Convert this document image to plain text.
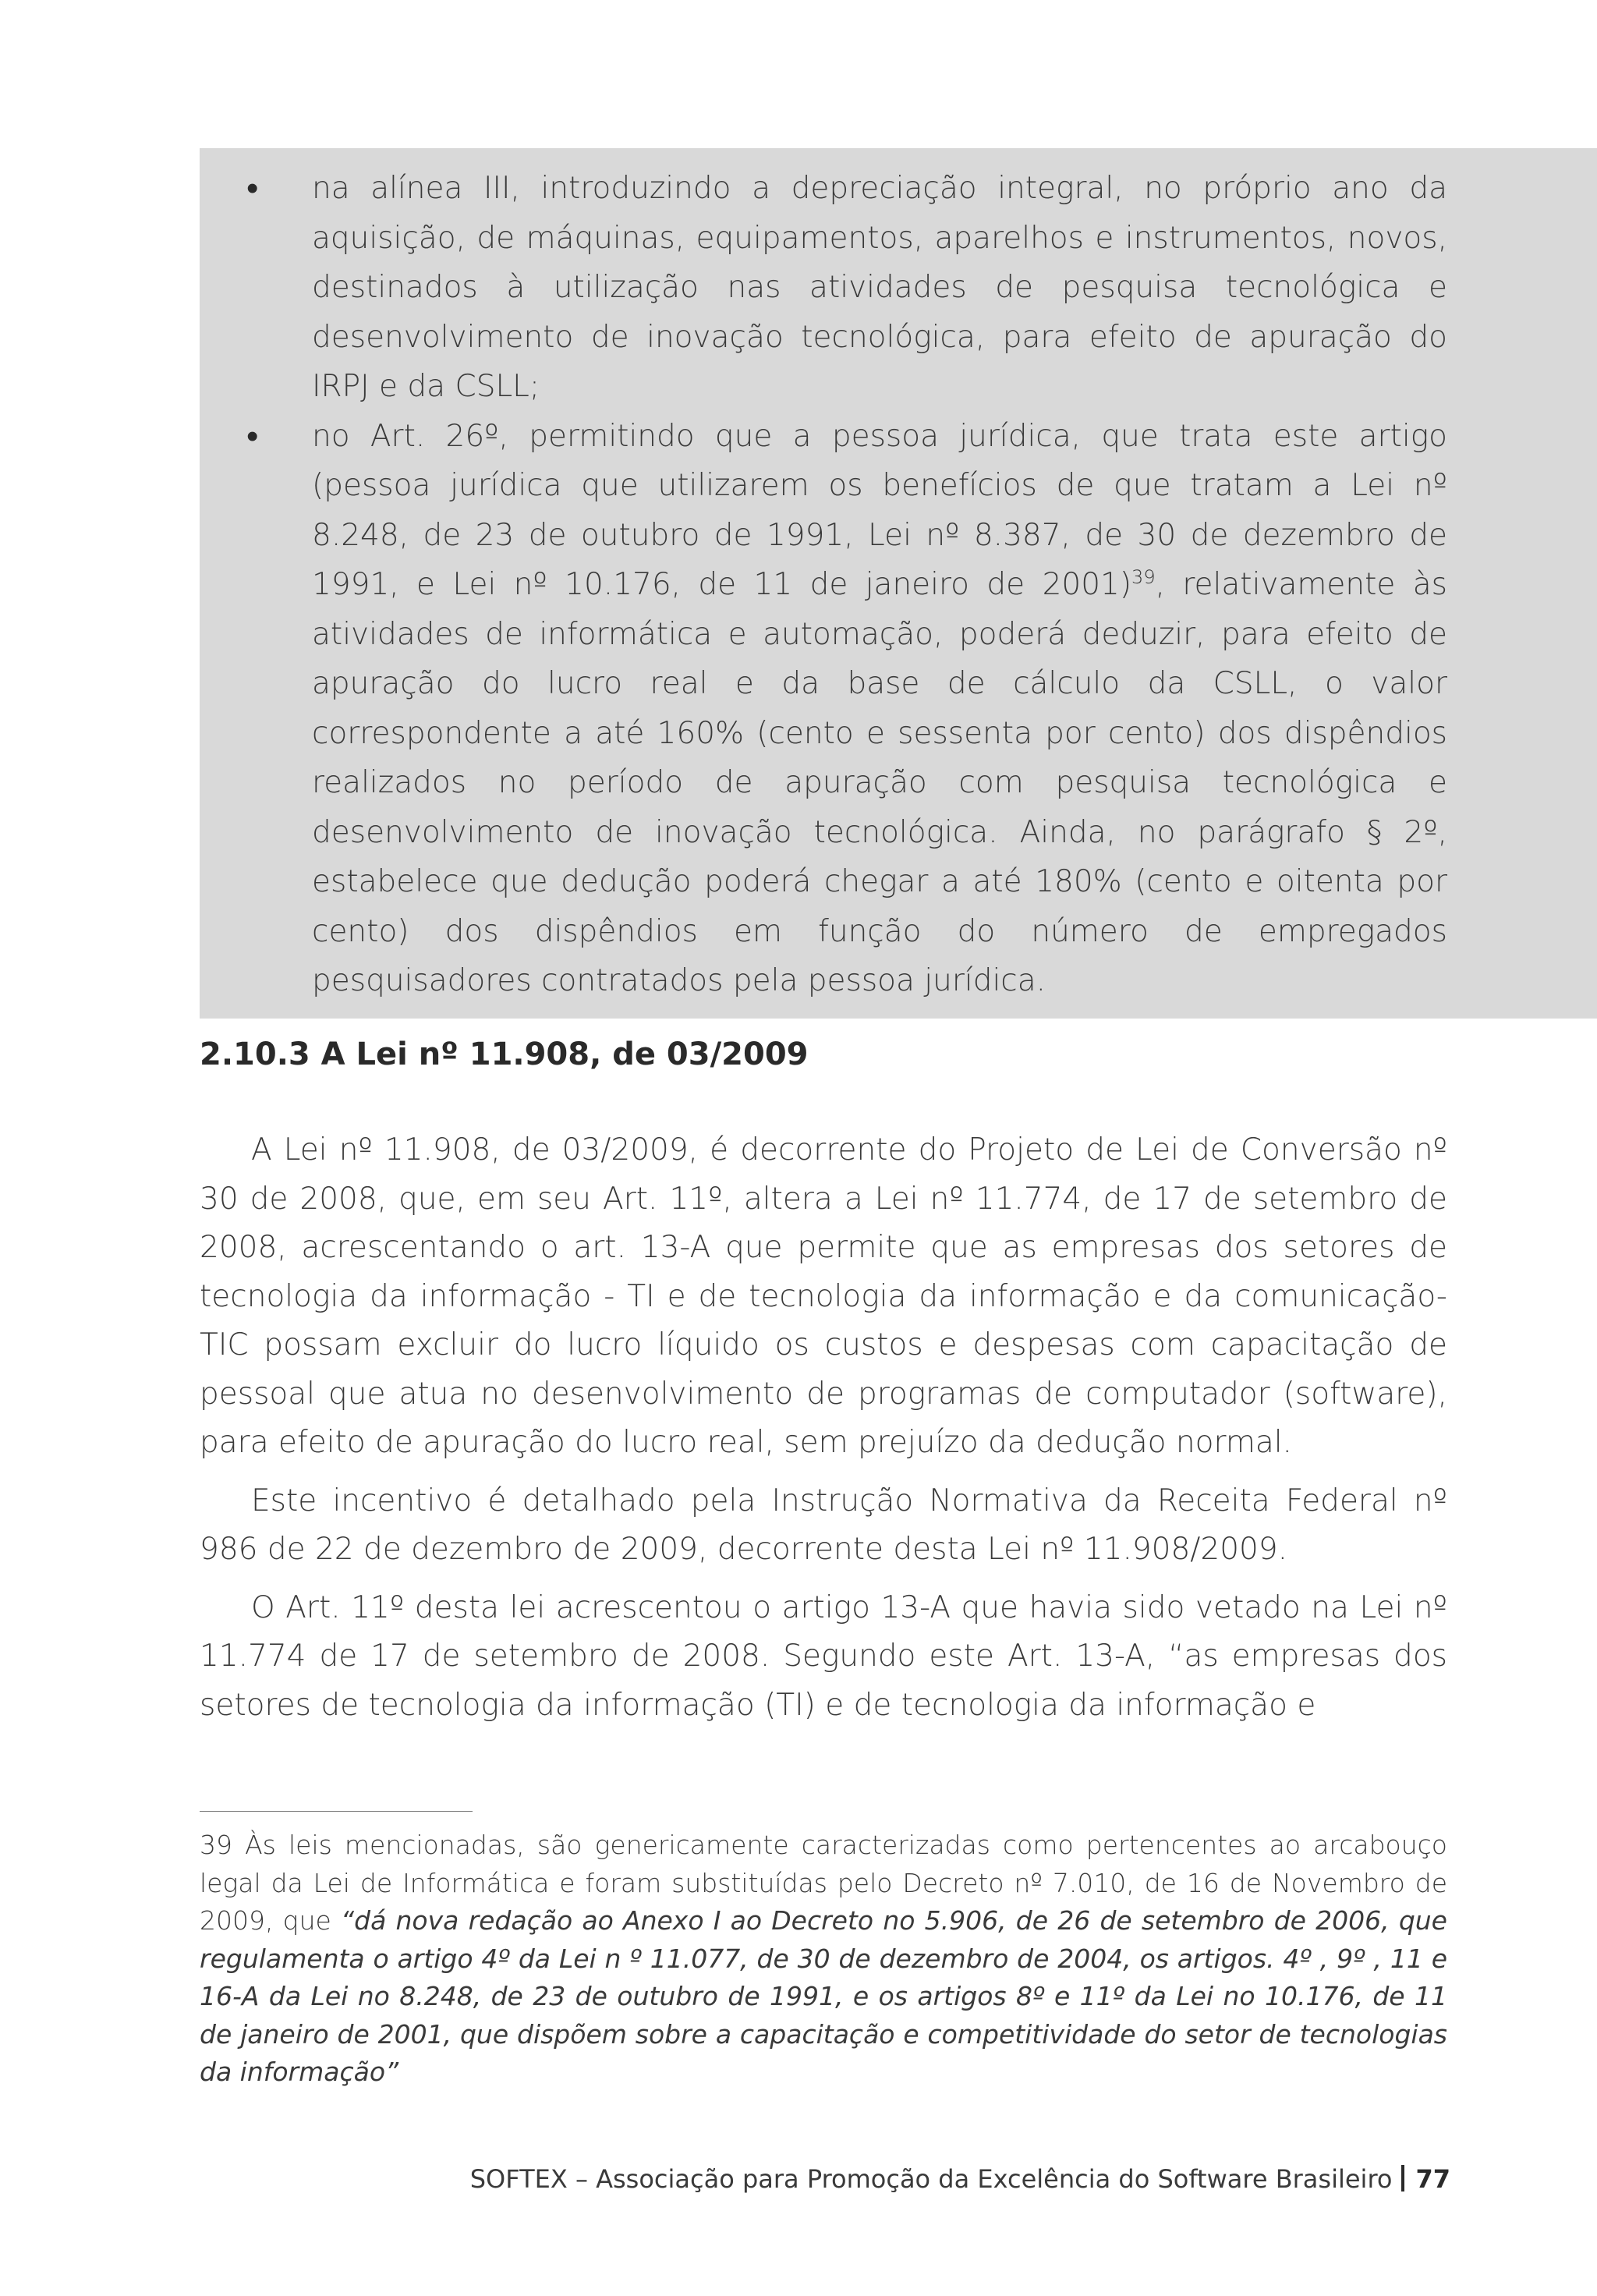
• na alínea III, introduzindo a depreciação integral, no próprio ano da aquisição, de máquinas, equipamentos, aparelhos e instrumentos, novos, destinados à utilização nas atividades de pesquisa tecnológica e desenvolvimento de inovação tecnológica, para efeito de apuração do IRPJ e da CSLL;
• no Art. 26º, permitindo que a pessoa jurídica, que trata este artigo (pessoa jurídica que utilizarem os benefícios de que tratam a Lei nº 8.248, de 23 de outubro de 1991, Lei nº 8.387, de 30 de dezembro de 1991, e Lei nº 10.176, de 11 de janeiro de 2001)$^{39}$, relativamente às atividades de informática e automação, poderá deduzir, para efeito de apuração do lucro real e da base de cálculo da CSLL, o valor correspondente a até 160% (cento e sessenta por cento) dos dispêndios realizados no período de apuração com pesquisa tecnológica e desenvolvimento de inovação tecnológica. Ainda, no parágrafo § 2º, estabelece que dedução poderá chegar a até 180% (cento e oitenta por cento) dos dispêndios em função do número de empregados pesquisadores contratados pela pessoa jurídica.
2.10.3 A Lei nº 11.908, de 03/2009

A Lei nº 11.908, de 03/2009, é decorrente do Projeto de Lei de Conversão nº 30 de 2008, que, em seu Art. 11º, altera a Lei nº 11.774, de 17 de setembro de 2008, acrescentando o art. 13-A que permite que as empresas dos setores de tecnologia da informação - TI e de tecnologia da informação e da comunicação- TIC possam excluir do lucro líquido os custos e despesas com capacitação de pessoal que atua no desenvolvimento de programas de computador (software), para efeito de apuração do lucro real, sem prejuízo da dedução normal.

Este incentivo é detalhado pela Instrução Normativa da Receita Federal nº 986 de 22 de dezembro de 2009, decorrente desta Lei nº 11.908/2009.

O Art. 11º desta lei acrescentou o artigo 13-A que havia sido vetado na Lei nº 11.774 de 17 de setembro de 2008. Segundo este Art. 13-A, “as empresas dos setores de tecnologia da informação (TI) e de tecnologia da informação e

39 Às leis mencionadas, são genericamente caracterizadas como pertencentes ao arcabouço legal da Lei de Informática e foram substituídas pelo Decreto nº 7.010, de 16 de Novembro de 2009, que “dá nova redação ao Anexo I ao Decreto no 5.906, de 26 de setembro de 2006, que regulamenta o artigo 4º da Lei n º 11.077, de 30 de dezembro de 2004, os artigos. 4º , 9º , 11 e 16-A da Lei no 8.248, de 23 de outubro de 1991, e os artigos 8º e 11º da Lei no 10.176, de 11 de janeiro de 2001, que dispõem sobre a capacitação e competitividade do setor de tecnologias da informação”

SOFTEX – Associação para Promoção da Excelência do Software Brasileiro 77
